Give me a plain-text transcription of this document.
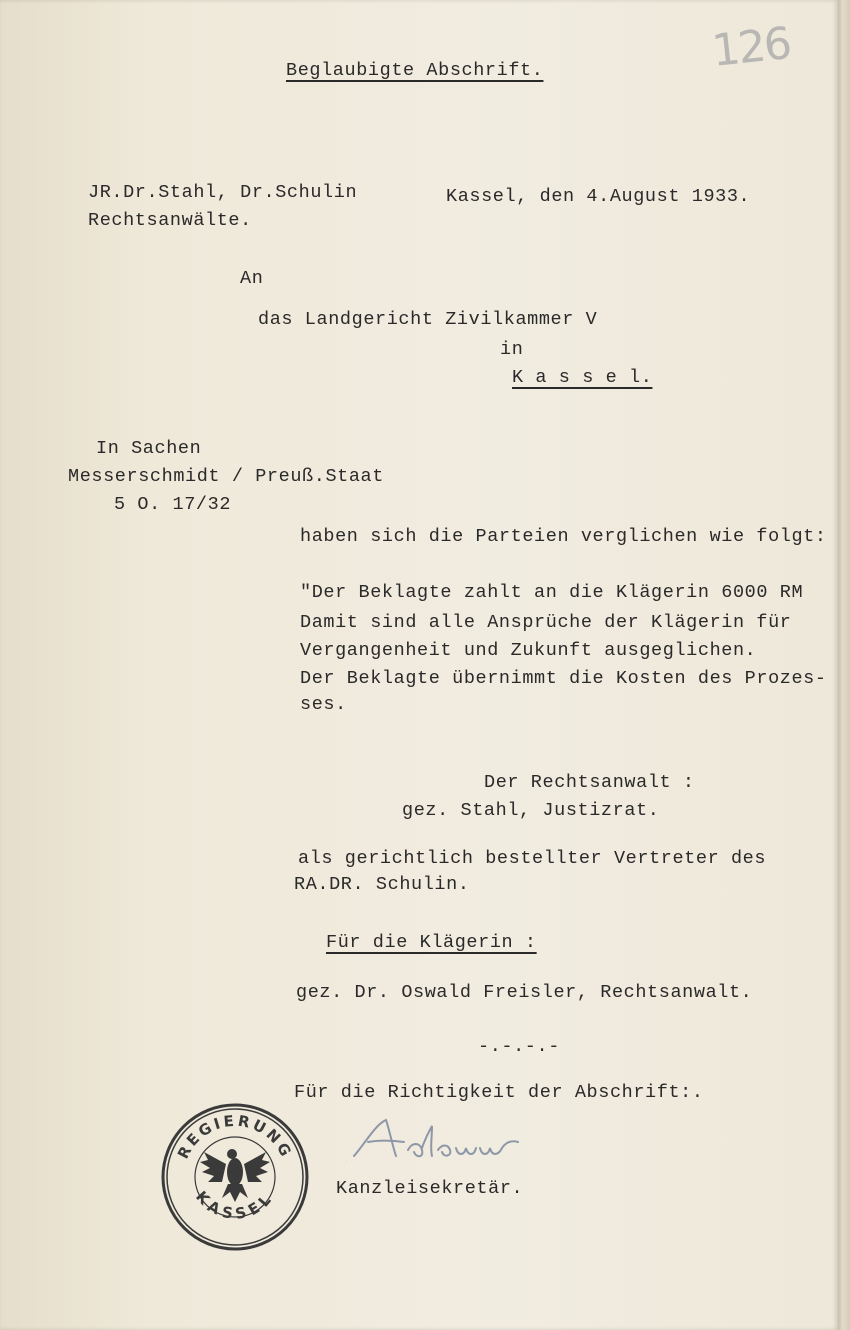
126
Beglaubigte Abschrift.
JR.Dr.Stahl, Dr.Schulin
Rechtsanwälte.
Kassel, den 4.August 1933.
An
das Landgericht Zivilkammer V
in
K a s s e l.
In Sachen
Messerschmidt / Preuß.Staat
5 O. 17/32
haben sich die Parteien verglichen wie folgt:
"Der Beklagte zahlt an die Klägerin 6000 RM
Damit sind alle Ansprüche der Klägerin für
Vergangenheit und Zukunft ausgeglichen.
Der Beklagte übernimmt die Kosten des Prozes-
ses.
Der Rechtsanwalt :
gez. Stahl, Justizrat.
als gerichtlich bestellter Vertreter des
RA.DR. Schulin.
Für die Klägerin :
gez. Dr. Oswald Freisler, Rechtsanwalt.
-.-.-.-
Für die Richtigkeit der Abschrift:.
Kanzleisekretär.
REGIERUNG
KASSEL
